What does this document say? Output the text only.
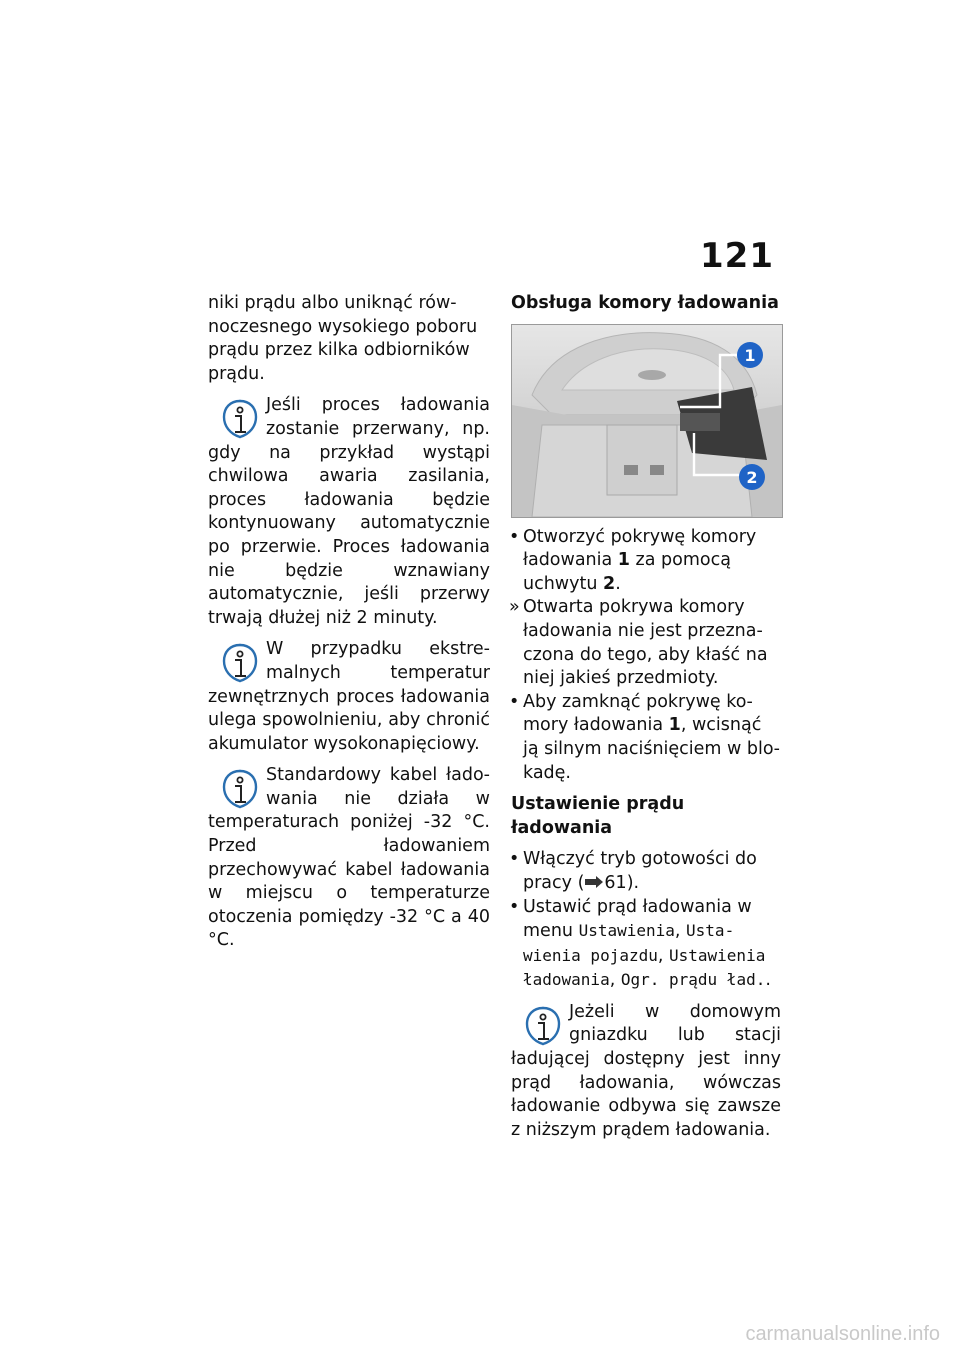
121

niki prądu albo uniknąć równoczesnego wysokiego poboru prądu przez kilka odbiorników prądu.

Jeśli proces ładowania zostanie przerwany, np. gdy na przykład wystąpi chwilowa awaria zasilania, proces ładowania będzie kontynuowany automatycznie po przerwie. Proces ładowania nie będzie wznawiany automatycznie, jeśli przerwy trwają dłużej niż 2 minuty.
W przypadku ekstremalnych temperatur zewnętrznych proces ładowania ulega spowolnieniu, aby chronić akumulator wysokonapięciowy.
Standardowy kabel ładowania nie działa w temperaturach poniżej -32 °C. Przed ładowaniem przechowywać kabel ładowania w miejscu o temperaturze otoczenia pomiędzy -32 °C a 40 °C.

Obsługa komory ładowania

1
2
• Otworzyć pokrywę komory ładowania 1 za pomocą uchwytu 2.
» Otwarta pokrywa komory ładowania nie jest przeznaczona do tego, aby kłaść na niej jakieś przedmioty.
• Aby zamknąć pokrywę komory ładowania 1, wcisnąć ją silnym naciśnięciem w blokadę.

Ustawienie prądu ładowania

• Włączyć tryb gotowości do pracy ( 61).
• Ustawić prąd ładowania w menu Ustawienia, Ustawienia pojazdu, Ustawienia ładowania, Ogr. prądu ład..
Jeżeli w domowym gniazdku lub stacji ładującej dostępny jest inny prąd ładowania, wówczas ładowanie odbywa się zawsze z niższym prądem ładowania.
carmanualsonline.info
